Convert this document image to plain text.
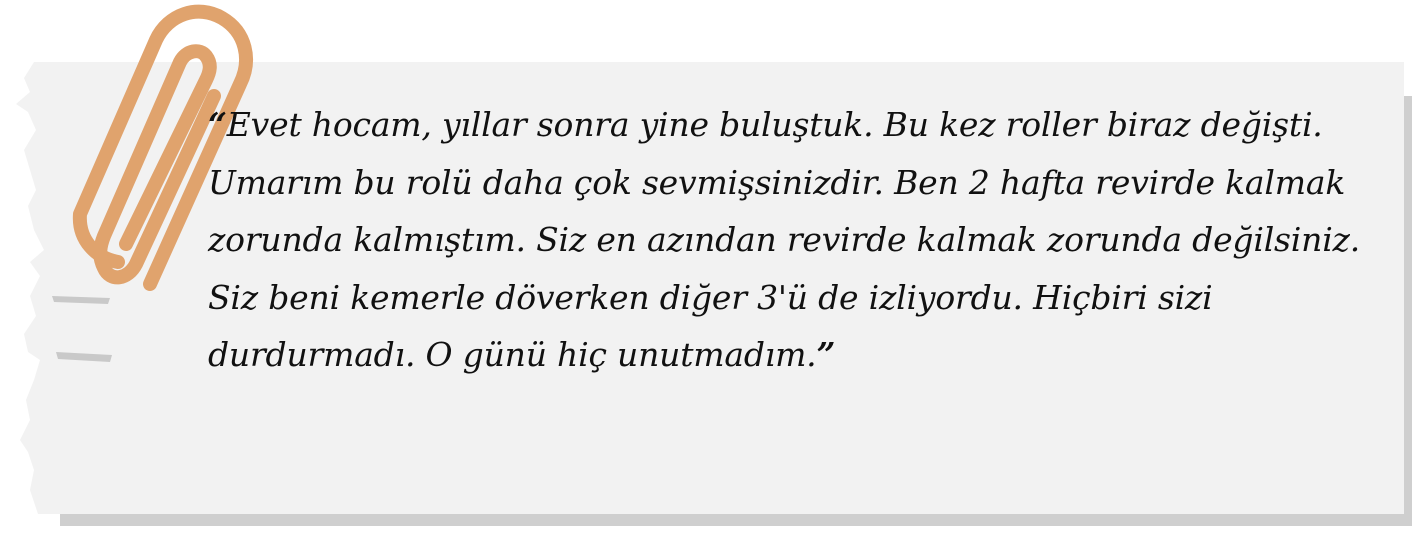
“Evet hocam, yıllar sonra yine buluştuk. Bu kez roller biraz değişti. Umarım bu rolü daha çok sevmişsinizdir. Ben 2 hafta revirde kalmak zorunda kalmıştım. Siz en azından revirde kalmak zorunda değilsiniz. Siz beni kemerle döverken diğer 3'ü de izliyordu. Hiçbiri sizi durdurmadı. O günü hiç unutmadım.”
